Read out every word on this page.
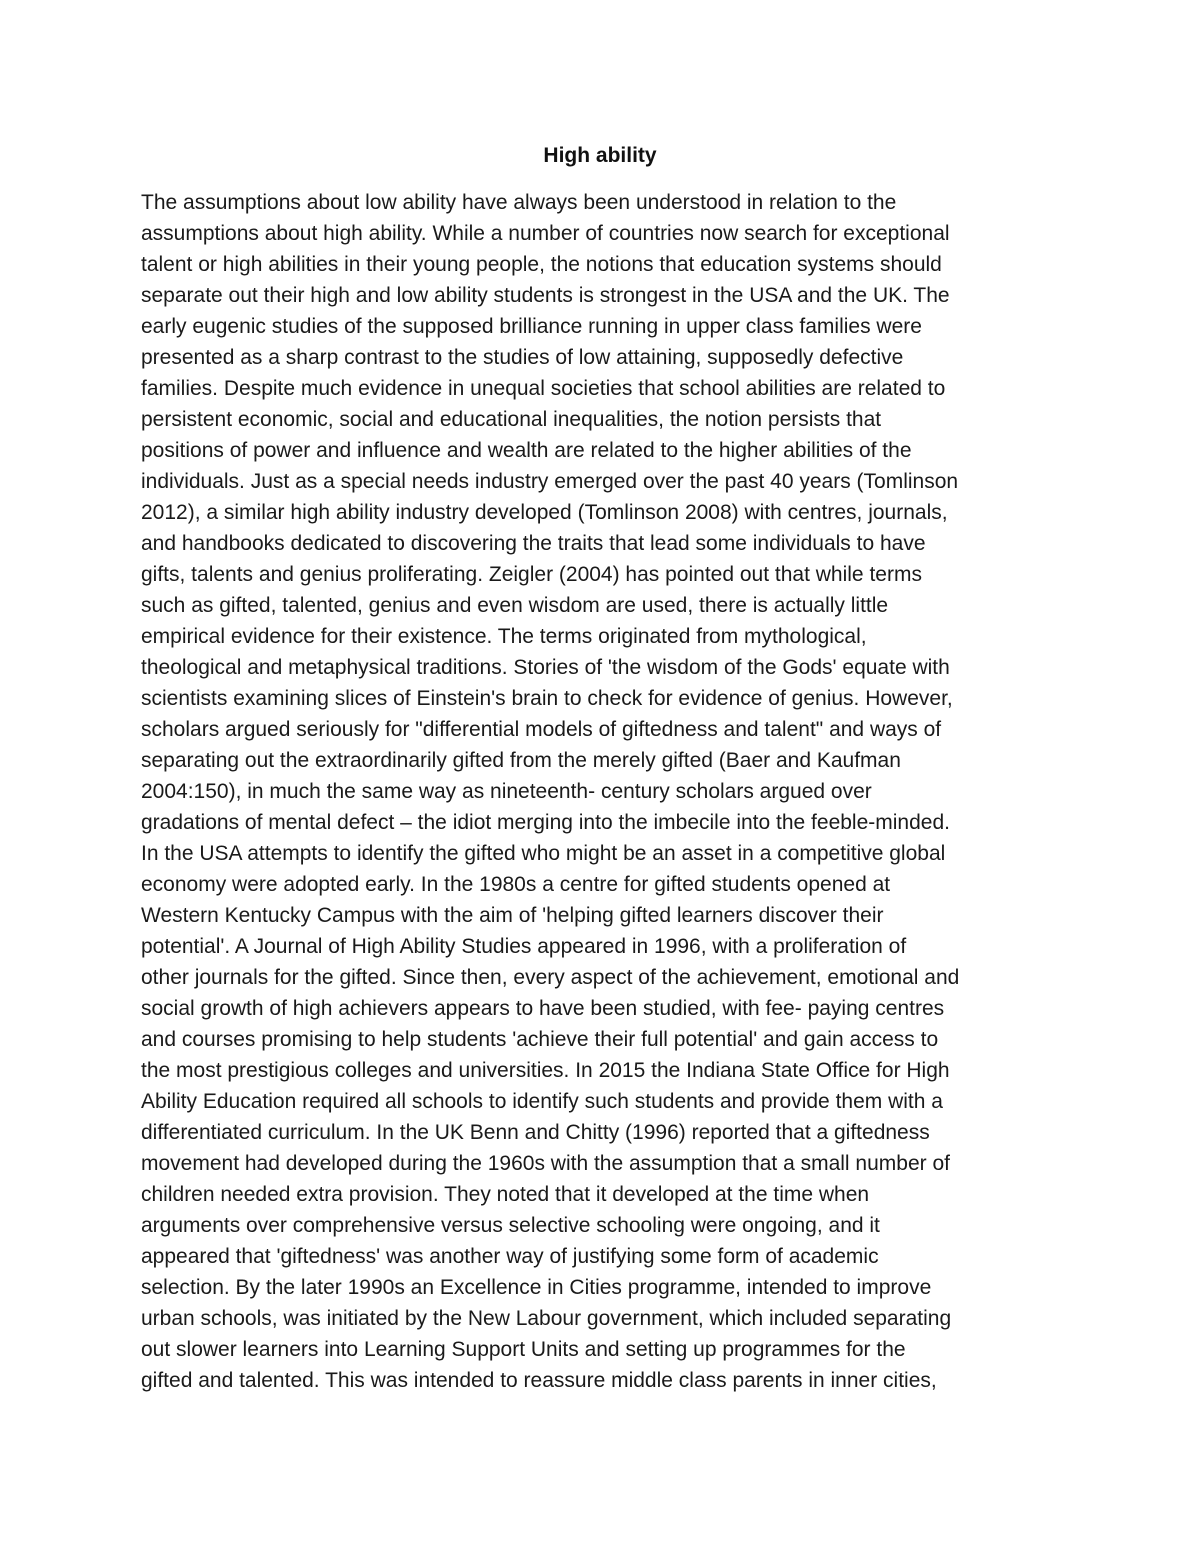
High ability
The assumptions about low ability have always been understood in relation to the
assumptions about high ability. While a number of countries now search for exceptional
talent or high abilities in their young people, the notions that education systems should
separate out their high and low ability students is strongest in the USA and the UK. The
early eugenic studies of the supposed brilliance running in upper class families were
presented as a sharp contrast to the studies of low attaining, supposedly defective
families. Despite much evidence in unequal societies that school abilities are related to
persistent economic, social and educational inequalities, the notion persists that
positions of power and influence and wealth are related to the higher abilities of the
individuals. Just as a special needs industry emerged over the past 40 years (Tomlinson
2012), a similar high ability industry developed (Tomlinson 2008) with centres, journals,
and handbooks dedicated to discovering the traits that lead some individuals to have
gifts, talents and genius proliferating. Zeigler (2004) has pointed out that while terms
such as gifted, talented, genius and even wisdom are used, there is actually little
empirical evidence for their existence. The terms originated from mythological,
theological and metaphysical traditions. Stories of 'the wisdom of the Gods' equate with
scientists examining slices of Einstein's brain to check for evidence of genius. However,
scholars argued seriously for "differential models of giftedness and talent" and ways of
separating out the extraordinarily gifted from the merely gifted (Baer and Kaufman
2004:150), in much the same way as nineteenth- century scholars argued over
gradations of mental defect – the idiot merging into the imbecile into the feeble-minded.
In the USA attempts to identify the gifted who might be an asset in a competitive global
economy were adopted early. In the 1980s a centre for gifted students opened at
Western Kentucky Campus with the aim of 'helping gifted learners discover their
potential'. A Journal of High Ability Studies appeared in 1996, with a proliferation of
other journals for the gifted. Since then, every aspect of the achievement, emotional and
social growth of high achievers appears to have been studied, with fee- paying centres
and courses promising to help students 'achieve their full potential' and gain access to
the most prestigious colleges and universities. In 2015 the Indiana State Office for High
Ability Education required all schools to identify such students and provide them with a
differentiated curriculum. In the UK Benn and Chitty (1996) reported that a giftedness
movement had developed during the 1960s with the assumption that a small number of
children needed extra provision. They noted that it developed at the time when
arguments over comprehensive versus selective schooling were ongoing, and it
appeared that 'giftedness' was another way of justifying some form of academic
selection. By the later 1990s an Excellence in Cities programme, intended to improve
urban schools, was initiated by the New Labour government, which included separating
out slower learners into Learning Support Units and setting up programmes for the
gifted and talented. This was intended to reassure middle class parents in inner cities,
